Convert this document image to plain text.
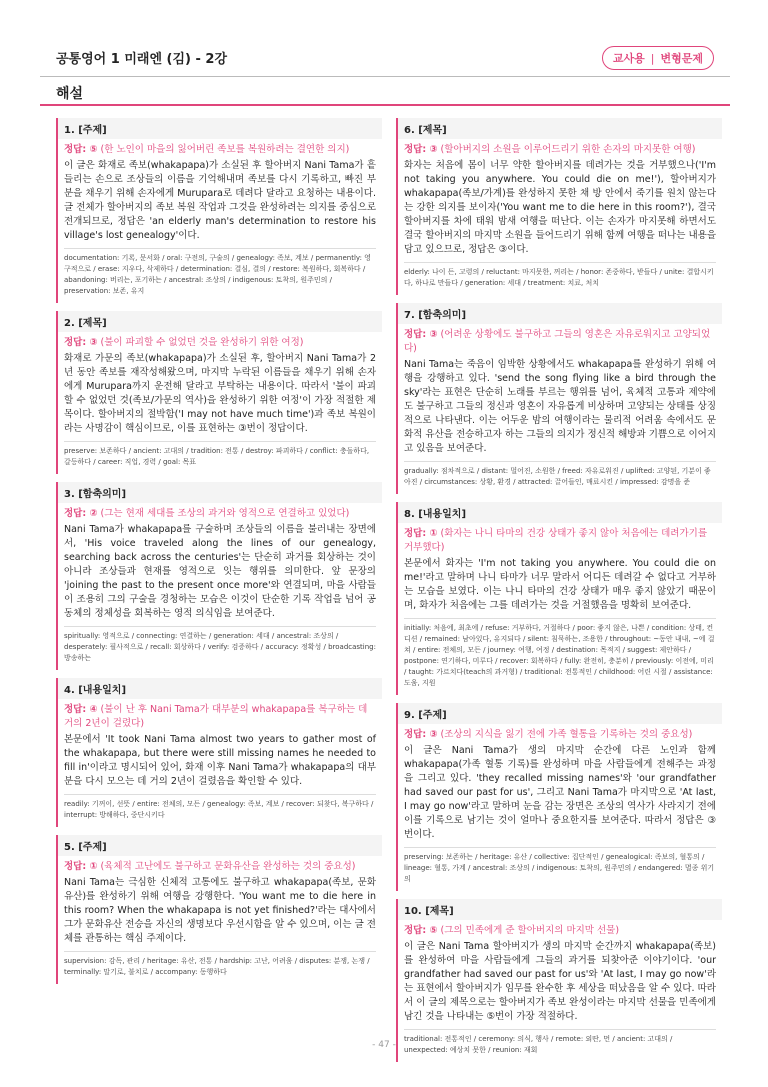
공통영어 1 미래엔 (김) - 2강	교사용 | 변형문제
해설
1. [주제]
정답: ⑤ (한 노인이 마을의 잃어버린 족보를 복원하려는 결연한 의지)
이 글은 화재로 족보(whakapapa)가 소실된 후 할아버지 Nani Tama가 흩들리는 손으로 조상들의 이름을 기억해내며 족보를 다시 기록하고, 빠진 부분을 채우기 위해 손자에게 Murupara로 데려다 달라고 요청하는 내용이다. 글 전체가 할아버지의 족보 복원 작업과 그것을 완성하려는 의지를 중심으로 전개되므로, 정답은 'an elderly man's determination to restore his village's lost genealogy'이다.
documentation: 기록, 문서화 / oral: 구전의, 구술의 / genealogy: 족보, 계보 / permanently: 영구적으로 / erase: 지우다, 삭제하다 / determination: 결심, 결의 / restore: 복원하다, 회복하다 / abandoning: 버리는, 포기하는 / ancestral: 조상의 / indigenous: 토착의, 원주민의 / preservation: 보존, 유지
2. [제목]
정답: ③ (불이 파괴할 수 없었던 것을 완성하기 위한 여정)
화재로 가문의 족보(whakapapa)가 소실된 후, 할아버지 Nani Tama가 2년 동안 족보를 재작성해왔으며, 마지막 누락된 이름들을 채우기 위해 손자에게 Murupara까지 운전해 달라고 부탁하는 내용이다. 따라서 '불이 파괴할 수 없었던 것(족보/가문의 역사)을 완성하기 위한 여정'이 가장 적절한 제목이다. 할아버지의 절박함('I may not have much time')과 족보 복원이라는 사명감이 핵심이므로, 이를 표현하는 ③번이 정답이다.
preserve: 보존하다 / ancient: 고대의 / tradition: 전통 / destroy: 파괴하다 / conflict: 충돌하다, 갈등하다 / career: 직업, 경력 / goal: 목표
3. [함축의미]
정답: ② (그는 현재 세대를 조상의 과거와 영적으로 연결하고 있었다)
Nani Tama가 whakapapa를 구술하며 조상들의 이름을 불러내는 장면에서, 'His voice traveled along the lines of our genealogy, searching back across the centuries'는 단순히 과거를 회상하는 것이 아니라 조상들과 현재를 영적으로 잇는 행위를 의미한다. 앞 문장의 'joining the past to the present once more'와 연결되며, 마을 사람들이 조용히 그의 구술을 경청하는 모습은 이것이 단순한 기록 작업을 넘어 공동체의 정체성을 회복하는 영적 의식임을 보여준다.
spiritually: 영적으로 / connecting: 연결하는 / generation: 세대 / ancestral: 조상의 / desperately: 필사적으로 / recall: 회상하다 / verify: 검증하다 / accuracy: 정확성 / broadcasting: 방송하는
4. [내용일치]
정답: ④ (불이 난 후 Nani Tama가 대부분의 whakapapa를 복구하는 데 거의 2년이 걸렸다)
본문에서 'It took Nani Tama almost two years to gather most of the whakapapa, but there were still missing names he needed to fill in'이라고 명시되어 있어, 화재 이후 Nani Tama가 whakapapa의 대부분을 다시 모으는 데 거의 2년이 걸렸음을 확인할 수 있다.
readily: 기꺼이, 선뜻 / entire: 전체의, 모든 / genealogy: 족보, 계보 / recover: 되찾다, 복구하다 / interrupt: 방해하다, 중단시키다
5. [주제]
정답: ① (육체적 고난에도 불구하고 문화유산을 완성하는 것의 중요성)
Nani Tama는 극심한 신체적 고통에도 불구하고 whakapapa(족보, 문화유산)를 완성하기 위해 여행을 강행한다. 'You want me to die here in this room? When the whakapapa is not yet finished?'라는 대사에서 그가 문화유산 전승을 자신의 생명보다 우선시함을 알 수 있으며, 이는 글 전체를 관통하는 핵심 주제이다.
supervision: 감독, 관리 / heritage: 유산, 전통 / hardship: 고난, 어려움 / disputes: 분쟁, 논쟁 / terminally: 말기로, 불치로 / accompany: 동행하다
6. [제목]
정답: ③ (할아버지의 소원을 이루어드리기 위한 손자의 마지못한 여행)
화자는 처음에 몸이 너무 약한 할아버지를 데려가는 것을 거부했으나('I'm not taking you anywhere. You could die on me!'), 할아버지가 whakapapa(족보/가계)를 완성하지 못한 채 방 안에서 죽기를 원치 않는다는 강한 의지를 보이자('You want me to die here in this room?'), 결국 할아버지를 차에 태워 밤새 여행을 떠난다. 이는 손자가 마지못해 하면서도 결국 할아버지의 마지막 소원을 들어드리기 위해 함께 여행을 떠나는 내용을 담고 있으므로, 정답은 ③이다.
elderly: 나이 든, 고령의 / reluctant: 마지못한, 꺼리는 / honor: 존중하다, 받들다 / unite: 결합시키다, 하나로 만들다 / generation: 세대 / treatment: 치료, 처치
7. [함축의미]
정답: ③ (어려운 상황에도 불구하고 그들의 영혼은 자유로워지고 고양되었다)
Nani Tama는 죽음이 임박한 상황에서도 whakapapa를 완성하기 위해 여행을 강행하고 있다. 'send the song flying like a bird through the sky'라는 표현은 단순히 노래를 부르는 행위를 넘어, 육체적 고통과 제약에도 불구하고 그들의 정신과 영혼이 자유롭게 비상하며 고양되는 상태를 상징적으로 나타낸다. 이는 어두운 밤의 여행이라는 물리적 어려움 속에서도 문화적 유산을 전승하고자 하는 그들의 의지가 정신적 해방과 기쁨으로 이어지고 있음을 보여준다.
gradually: 점차적으로 / distant: 멀어진, 소원한 / freed: 자유로워진 / uplifted: 고양된, 기분이 좋아진 / circumstances: 상황, 환경 / attracted: 끌어들인, 매료시킨 / impressed: 감명을 준
8. [내용일치]
정답: ① (화자는 나니 타마의 건강 상태가 좋지 않아 처음에는 데려가기를 거부했다)
본문에서 화자는 'I'm not taking you anywhere. You could die on me!'라고 말하며 나니 타마가 너무 말라서 어디든 데려갈 수 없다고 거부하는 모습을 보였다. 이는 나니 타마의 건강 상태가 매우 좋지 않았기 때문이며, 화자가 처음에는 그를 데려가는 것을 거절했음을 명확히 보여준다.
initially: 처음에, 최초에 / refuse: 거부하다, 거절하다 / poor: 좋지 않은, 나쁜 / condition: 상태, 컨디션 / remained: 남아있다, 유지되다 / silent: 침묵하는, 조용한 / throughout: ~동안 내내, ~에 걸쳐 / entire: 전체의, 모든 / journey: 여행, 여정 / destination: 목적지 / suggest: 제안하다 / postpone: 연기하다, 미루다 / recover: 회복하다 / fully: 완전히, 충분히 / previously: 이전에, 미리 / taught: 가르치다(teach의 과거형) / traditional: 전통적인 / childhood: 어린 시절 / assistance: 도움, 지원
9. [주제]
정답: ③ (조상의 지식을 잃기 전에 가족 혈통을 기록하는 것의 중요성)
이 글은 Nani Tama가 생의 마지막 순간에 다른 노인과 함께 whakapapa(가족 혈통 기록)를 완성하며 마을 사람들에게 전해주는 과정을 그리고 있다. 'they recalled missing names'와 'our grandfather had saved our past for us', 그리고 Nani Tama가 마지막으로 'At last, I may go now'라고 말하며 눈을 감는 장면은 조상의 역사가 사라지기 전에 이를 기록으로 남기는 것이 얼마나 중요한지를 보여준다. 따라서 정답은 ③번이다.
preserving: 보존하는 / heritage: 유산 / collective: 집단적인 / genealogical: 족보의, 혈통의 / lineage: 혈통, 가계 / ancestral: 조상의 / indigenous: 토착의, 원주민의 / endangered: 멸종 위기의
10. [제목]
정답: ⑤ (그의 민족에게 준 할아버지의 마지막 선물)
이 글은 Nani Tama 할아버지가 생의 마지막 순간까지 whakapapa(족보)를 완성하여 마을 사람들에게 그들의 과거를 되찾아준 이야기이다. 'our grandfather had saved our past for us'와 'At last, I may go now'라는 표현에서 할아버지가 임무를 완수한 후 세상을 떠났음을 알 수 있다. 따라서 이 글의 제목으로는 할아버지가 족보 완성이라는 마지막 선물을 민족에게 남긴 것을 나타내는 ⑤번이 가장 적절하다.
traditional: 전통적인 / ceremony: 의식, 행사 / remote: 외딴, 먼 / ancient: 고대의 / unexpected: 예상치 못한 / reunion: 재회
- 47 -
